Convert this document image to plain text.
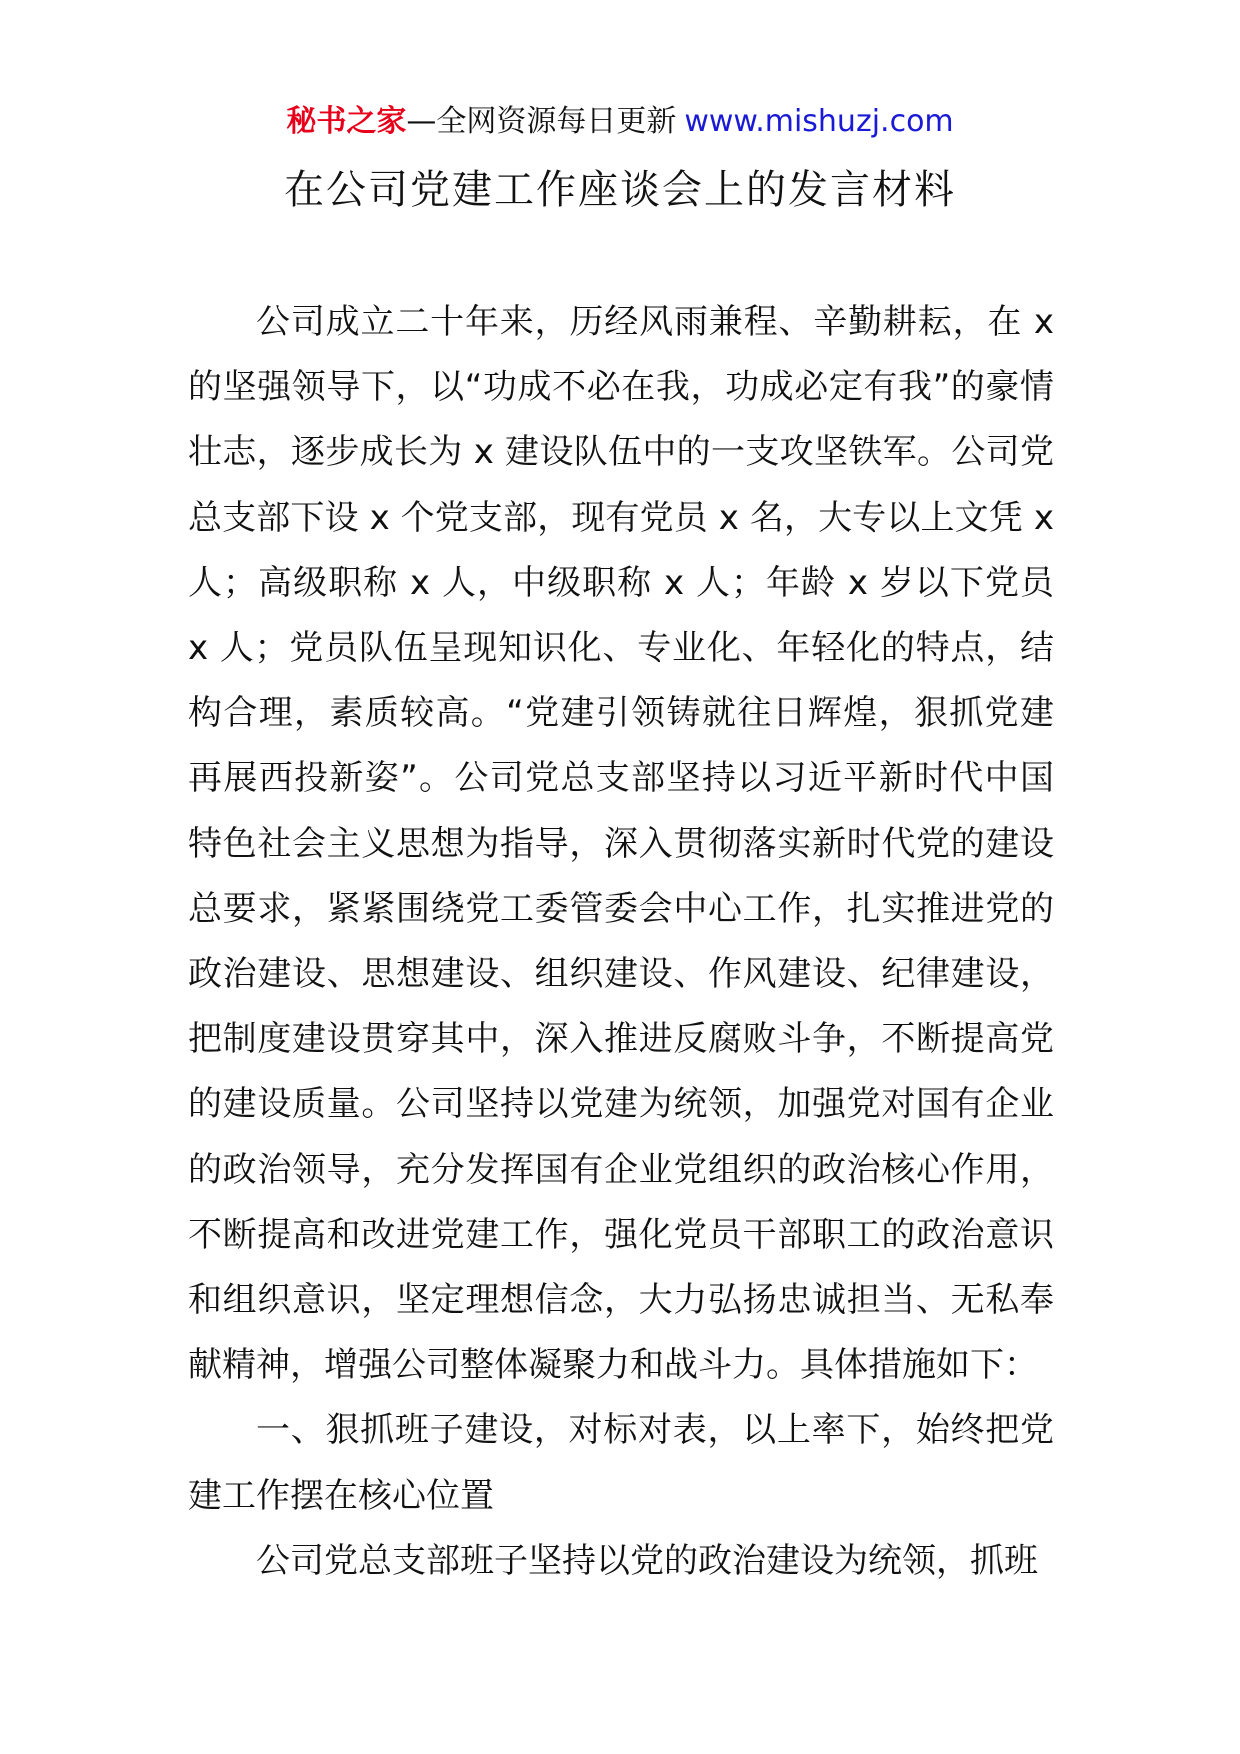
秘书之家—全网资源每日更新 www.mishuzj.com
在公司党建工作座谈会上的发言材料

公司成立二十年来，历经风雨兼程、辛勤耕耘，在 x 的坚强领导下，以“功成不必在我，功成必定有我”的豪情壮志，逐步成长为 x 建设队伍中的一支攻坚铁军。公司党总支部下设 x 个党支部，现有党员 x 名，大专以上文凭 x 人；高级职称 x 人，中级职称 x 人；年龄 x 岁以下党员 x 人；党员队伍呈现知识化、专业化、年轻化的特点，结构合理，素质较高。“党建引领铸就往日辉煌，狠抓党建再展西投新姿”。公司党总支部坚持以习近平新时代中国特色社会主义思想为指导，深入贯彻落实新时代党的建设总要求，紧紧围绕党工委管委会中心工作，扎实推进党的政治建设、思想建设、组织建设、作风建设、纪律建设，把制度建设贯穿其中，深入推进反腐败斗争，不断提高党的建设质量。公司坚持以党建为统领，加强党对国有企业的政治领导，充分发挥国有企业党组织的政治核心作用，不断提高和改进党建工作，强化党员干部职工的政治意识和组织意识，坚定理想信念，大力弘扬忠诚担当、无私奉献精神，增强公司整体凝聚力和战斗力。具体措施如下：

一、狠抓班子建设，对标对表，以上率下，始终把党建工作摆在核心位置

公司党总支部班子坚持以党的政治建设为统领，抓班
